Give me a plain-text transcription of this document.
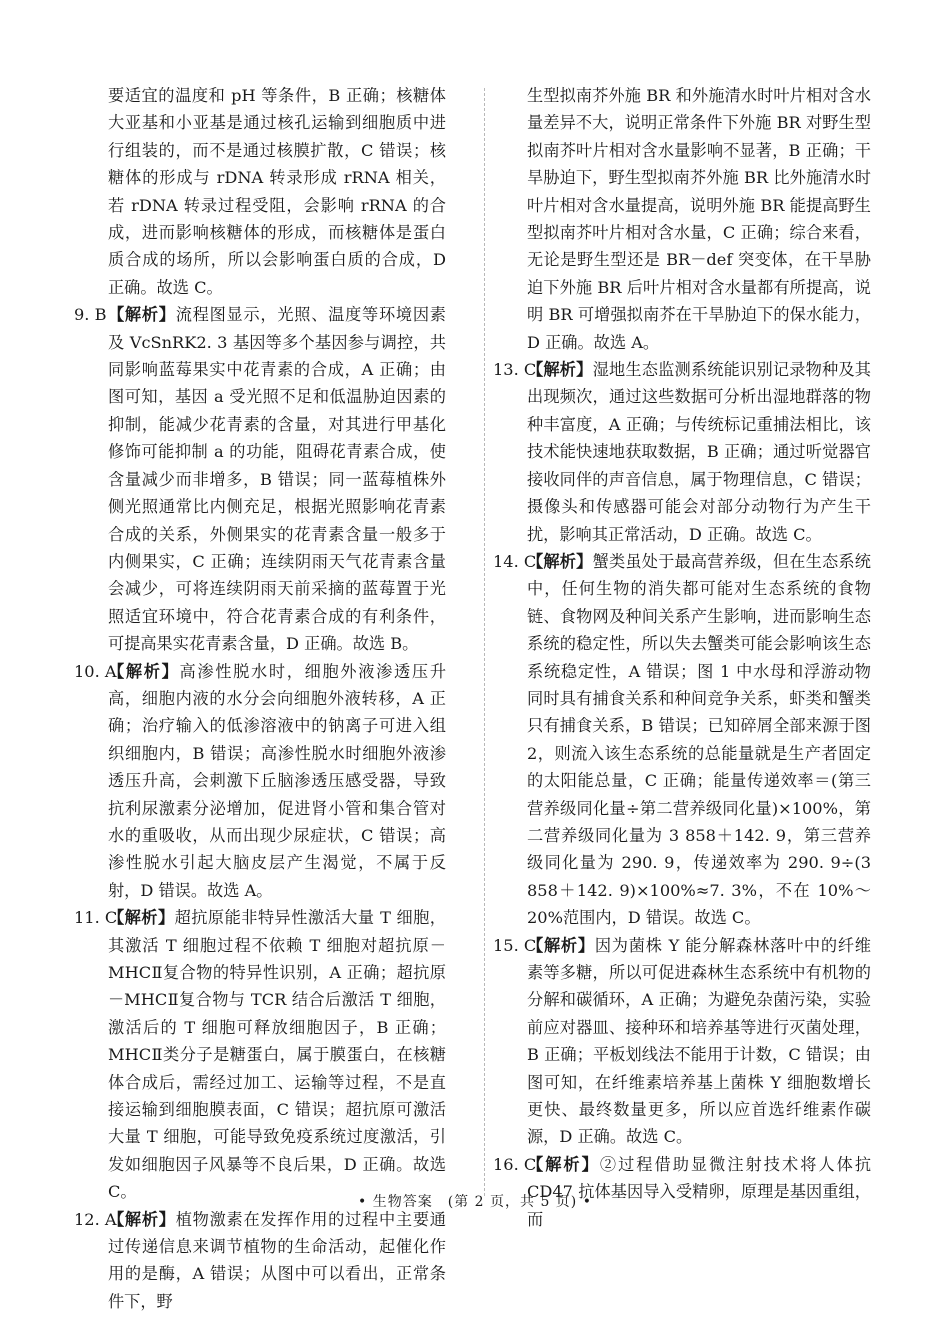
要适宜的温度和 pH 等条件，B 正确；核糖体大亚基和小亚基是通过核孔运输到细胞质中进行组装的，而不是通过核膜扩散，C 错误；核糖体的形成与 rDNA 转录形成 rRNA 相关，若 rDNA 转录过程受阻，会影响 rRNA 的合成，进而影响核糖体的形成，而核糖体是蛋白质合成的场所，所以会影响蛋白质的合成，D 正确。故选 C。

9. B 【解析】流程图显示，光照、温度等环境因素及 VcSnRK2. 3 基因等多个基因参与调控，共同影响蓝莓果实中花青素的合成，A 正确；由图可知，基因 a 受光照不足和低温胁迫因素的抑制，能减少花青素的含量，对其进行甲基化修饰可能抑制 a 的功能，阻碍花青素合成，使含量减少而非增多，B 错误；同一蓝莓植株外侧光照通常比内侧充足，根据光照影响花青素合成的关系，外侧果实的花青素含量一般多于内侧果实，C 正确；连续阴雨天气花青素含量会减少，可将连续阴雨天前采摘的蓝莓置于光照适宜环境中，符合花青素合成的有利条件，可提高果实花青素含量，D 正确。故选 B。
10. A
【解析】高渗性脱水时，细胞外液渗透压升高，细胞内液的水分会向细胞外液转移，A 正确；治疗输入的低渗溶液中的钠离子可进入组织细胞内，B 错误；高渗性脱水时细胞外液渗透压升高，会刺激下丘脑渗透压感受器，导致抗利尿激素分泌增加，促进肾小管和集合管对水的重吸收，从而出现少尿症状，C 错误；高渗性脱水引起大脑皮层产生渴觉，不属于反射，D 错误。故选 A。
11. C
【解析】超抗原能非特异性激活大量 T 细胞，其激活 T 细胞过程不依赖 T 细胞对超抗原－MHCⅡ复合物的特异性识别，A 正确；超抗原－MHCⅡ复合物与 TCR 结合后激活 T 细胞，激活后的 T 细胞可释放细胞因子，B 正确；MHCⅡ类分子是糖蛋白，属于膜蛋白，在核糖体合成后，需经过加工、运输等过程，不是直接运输到细胞膜表面，C 错误；超抗原可激活大量 T 细胞，可能导致免疫系统过度激活，引发如细胞因子风暴等不良后果，D 正确。故选 C。
12. A
【解析】植物激素在发挥作用的过程中主要通过传递信息来调节植物的生命活动，起催化作用的是酶，A 错误；从图中可以看出，正常条件下，野

生型拟南芥外施 BR 和外施清水时叶片相对含水量差异不大，说明正常条件下外施 BR 对野生型拟南芥叶片相对含水量影响不显著，B 正确；干旱胁迫下，野生型拟南芥外施 BR 比外施清水时叶片相对含水量提高，说明外施 BR 能提高野生型拟南芥叶片相对含水量，C 正确；综合来看，无论是野生型还是 BR－def 突变体，在干旱胁迫下外施 BR 后叶片相对含水量都有所提高，说明 BR 可增强拟南芥在干旱胁迫下的保水能力，D 正确。故选 A。

13. C
【解析】湿地生态监测系统能识别记录物种及其出现频次，通过这些数据可分析出湿地群落的物种丰富度，A 正确；与传统标记重捕法相比，该技术能快速地获取数据，B 正确；通过听觉器官接收同伴的声音信息，属于物理信息，C 错误；摄像头和传感器可能会对部分动物行为产生干扰，影响其正常活动，D 正确。故选 C。
14. C
【解析】蟹类虽处于最高营养级，但在生态系统中，任何生物的消失都可能对生态系统的食物链、食物网及种间关系产生影响，进而影响生态系统的稳定性，所以失去蟹类可能会影响该生态系统稳定性，A 错误；图 1 中水母和浮游动物同时具有捕食关系和种间竞争关系，虾类和蟹类只有捕食关系，B 错误；已知碎屑全部来源于图 2，则流入该生态系统的总能量就是生产者固定的太阳能总量，C 正确；能量传递效率＝(第三营养级同化量÷第二营养级同化量)×100%，第二营养级同化量为 3 858＋142. 9，第三营养级同化量为 290. 9，传递效率为 290. 9÷(3 858＋142. 9)×100%≈7. 3%，不在 10%～20%范围内，D 错误。故选 C。
15. C
【解析】因为菌株 Y 能分解森林落叶中的纤维素等多糖，所以可促进森林生态系统中有机物的分解和碳循环，A 正确；为避免杂菌污染，实验前应对器皿、接种环和培养基等进行灭菌处理，B 正确；平板划线法不能用于计数，C 错误；由图可知，在纤维素培养基上菌株 Y 细胞数增长更快、最终数量更多，所以应首选纤维素作碳源，D 正确。故选 C。
16. C
【解析】②过程借助显微注射技术将人体抗 CD47 抗体基因导入受精卵，原理是基因重组，而
• 生物答案　(第 2 页，共 5 页) •
